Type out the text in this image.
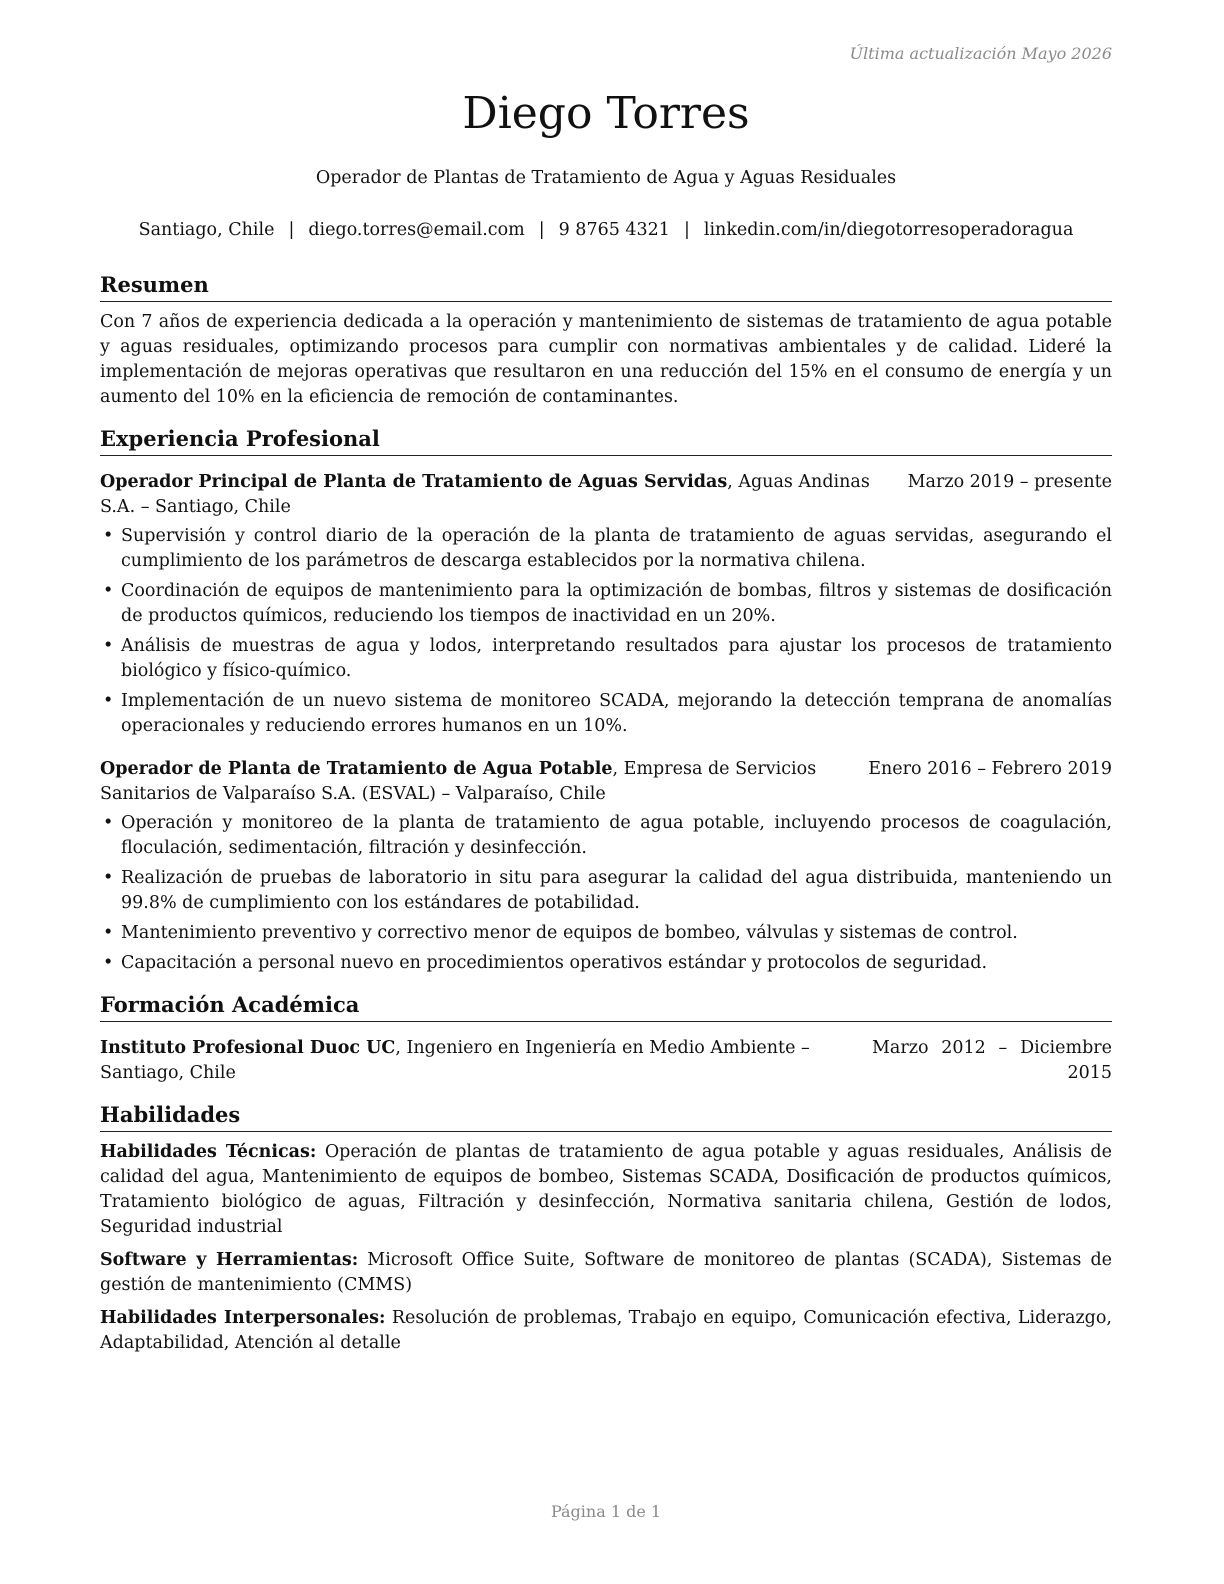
Última actualización Mayo 2026
Diego Torres
Operador de Plantas de Tratamiento de Agua y Aguas Residuales
Santiago, Chile | diego.torres@email.com | 9 8765 4321 | linkedin.com/in/diegotorresoperadoragua
Resumen

Con 7 años de experiencia dedicada a la operación y mantenimiento de sistemas de tratamiento de agua potable y aguas residuales, optimizando procesos para cumplir con normativas ambientales y de calidad. Lideré la implementación de mejoras operativas que resultaron en una reducción del 15% en el consumo de energía y un aumento del 10% en la eficiencia de remoción de contaminantes.

Experiencia Profesional
Operador Principal de Planta de Tratamiento de Aguas Servidas, Aguas Andinas S.A. – Santiago, Chile
Marzo 2019 – presente
• Supervisión y control diario de la operación de la planta de tratamiento de aguas servidas, asegurando el cumplimiento de los parámetros de descarga establecidos por la normativa chilena.
• Coordinación de equipos de mantenimiento para la optimización de bombas, filtros y sistemas de dosificación de productos químicos, reduciendo los tiempos de inactividad en un 20%.
• Análisis de muestras de agua y lodos, interpretando resultados para ajustar los procesos de tratamiento biológico y físico-químico.
• Implementación de un nuevo sistema de monitoreo SCADA, mejorando la detección temprana de anomalías operacionales y reduciendo errores humanos en un 10%.
Operador de Planta de Tratamiento de Agua Potable, Empresa de Servicios Sanitarios de Valparaíso S.A. (ESVAL) – Valparaíso, Chile
Enero 2016 – Febrero 2019
• Operación y monitoreo de la planta de tratamiento de agua potable, incluyendo procesos de coagulación, floculación, sedimentación, filtración y desinfección.
• Realización de pruebas de laboratorio in situ para asegurar la calidad del agua distribuida, manteniendo un 99.8% de cumplimiento con los estándares de potabilidad.
• Mantenimiento preventivo y correctivo menor de equipos de bombeo, válvulas y sistemas de control.
• Capacitación a personal nuevo en procedimientos operativos estándar y protocolos de seguridad.
Formación Académica
Instituto Profesional Duoc UC, Ingeniero en Ingeniería en Medio Ambiente – Santiago, Chile
Marzo 2012 – Diciembre 2015
Habilidades

Habilidades Técnicas: Operación de plantas de tratamiento de agua potable y aguas residuales, Análisis de calidad del agua, Mantenimiento de equipos de bombeo, Sistemas SCADA, Dosificación de productos químicos, Tratamiento biológico de aguas, Filtración y desinfección, Normativa sanitaria chilena, Gestión de lodos, Seguridad industrial

Software y Herramientas: Microsoft Office Suite, Software de monitoreo de plantas (SCADA), Sistemas de gestión de mantenimiento (CMMS)

Habilidades Interpersonales: Resolución de problemas, Trabajo en equipo, Comunicación efectiva, Liderazgo, Adaptabilidad, Atención al detalle

Página 1 de 1
